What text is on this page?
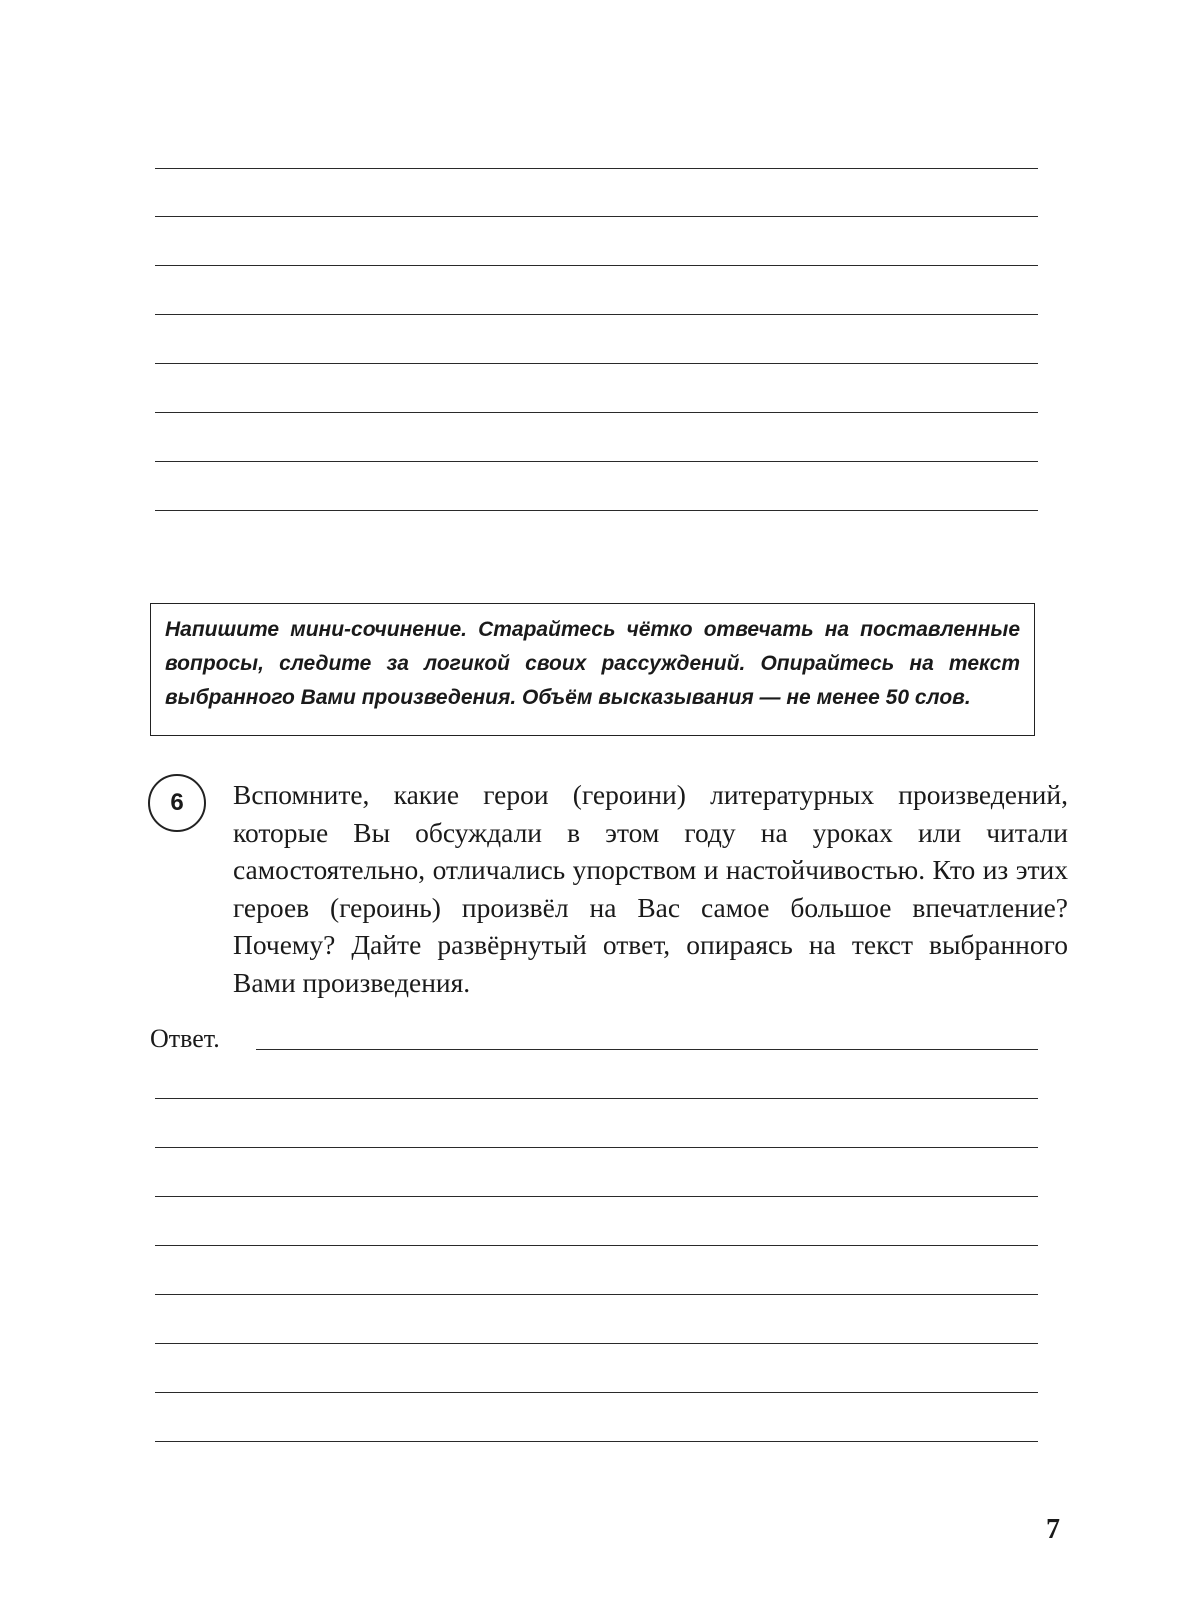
Напишите мини-сочинение. Старайтесь чётко отвечать на поставленные вопросы, следите за логикой своих рассуждений. Опирайтесь на текст выбранного Вами произведения. Объём высказывания — не менее 50 слов.
6	Вспомните, какие герои (героини) литературных произведений, которые Вы обсуждали в этом году на уроках или читали самостоятельно, отличались упорством и настойчивостью. Кто из этих героев (героинь) произвёл на Вас самое большое впечатление? Почему? Дайте развёрнутый ответ, опираясь на текст выбранного Вами произведения.
Ответ.
7
